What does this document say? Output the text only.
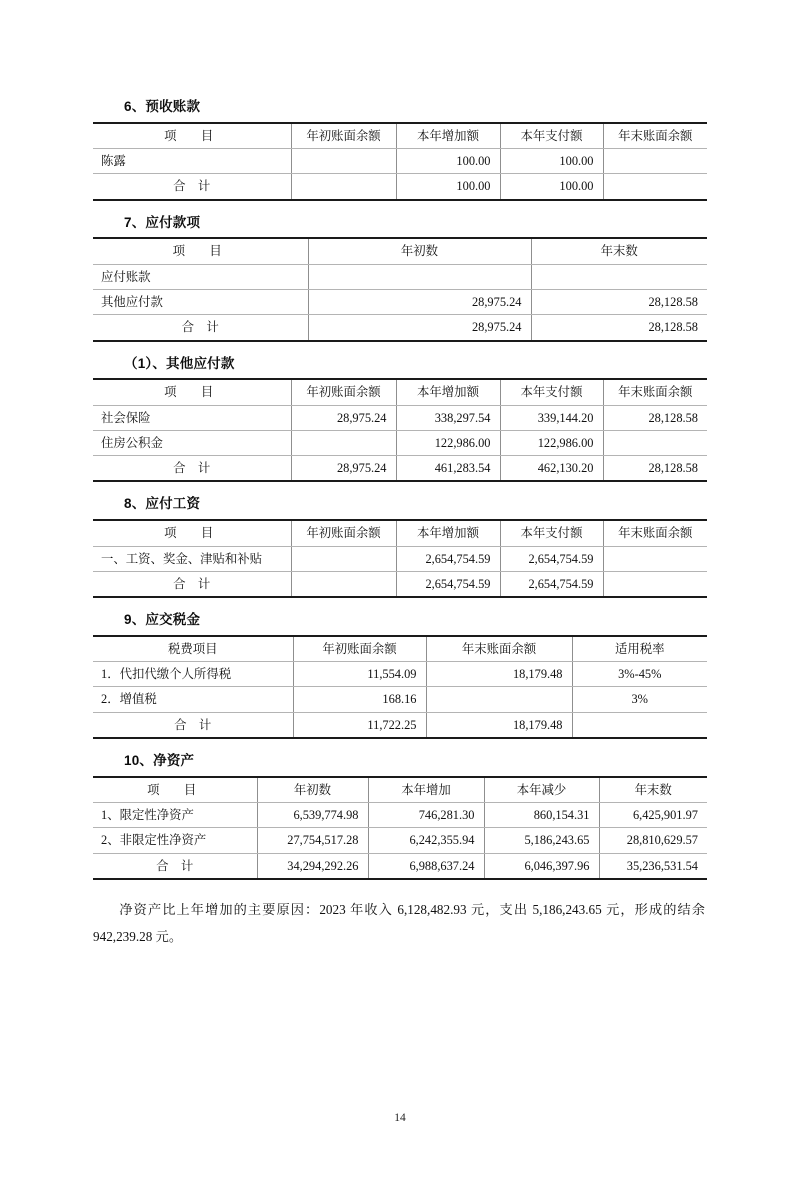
6、预收账款
项　目	年初账面余额	本年增加额	本年支付额	年末账面余额
陈露		100.00	100.00	
合　计		100.00	100.00	
7、应付款项
项　目	年初数	年末数
应付账款		
其他应付款	28,975.24	28,128.58
合　计	28,975.24	28,128.58
（1）、其他应付款
项　目	年初账面余额	本年增加额	本年支付额	年末账面余额
社会保险	28,975.24	338,297.54	339,144.20	28,128.58
住房公积金		122,986.00	122,986.00	
合　计	28,975.24	461,283.54	462,130.20	28,128.58
8、应付工资
项　目	年初账面余额	本年增加额	本年支付额	年末账面余额
一、工资、奖金、津贴和补贴		2,654,754.59	2,654,754.59	
合　计		2,654,754.59	2,654,754.59	
9、应交税金
税费项目	年初账面余额	年末账面余额	适用税率
1．代扣代缴个人所得税	11,554.09	18,179.48	3%-45%
2．增值税	168.16		3%
合　计	11,722.25	18,179.48	
10、净资产
项　目	年初数	本年增加	本年减少	年末数
1、限定性净资产	6,539,774.98	746,281.30	860,154.31	6,425,901.97
2、非限定性净资产	27,754,517.28	6,242,355.94	5,186,243.65	28,810,629.57
合　计	34,294,292.26	6,988,637.24	6,046,397.96	35,236,531.54

净资产比上年增加的主要原因：2023 年收入 6,128,482.93 元，支出 5,186,243.65 元，形成的结余 942,239.28 元。

14
